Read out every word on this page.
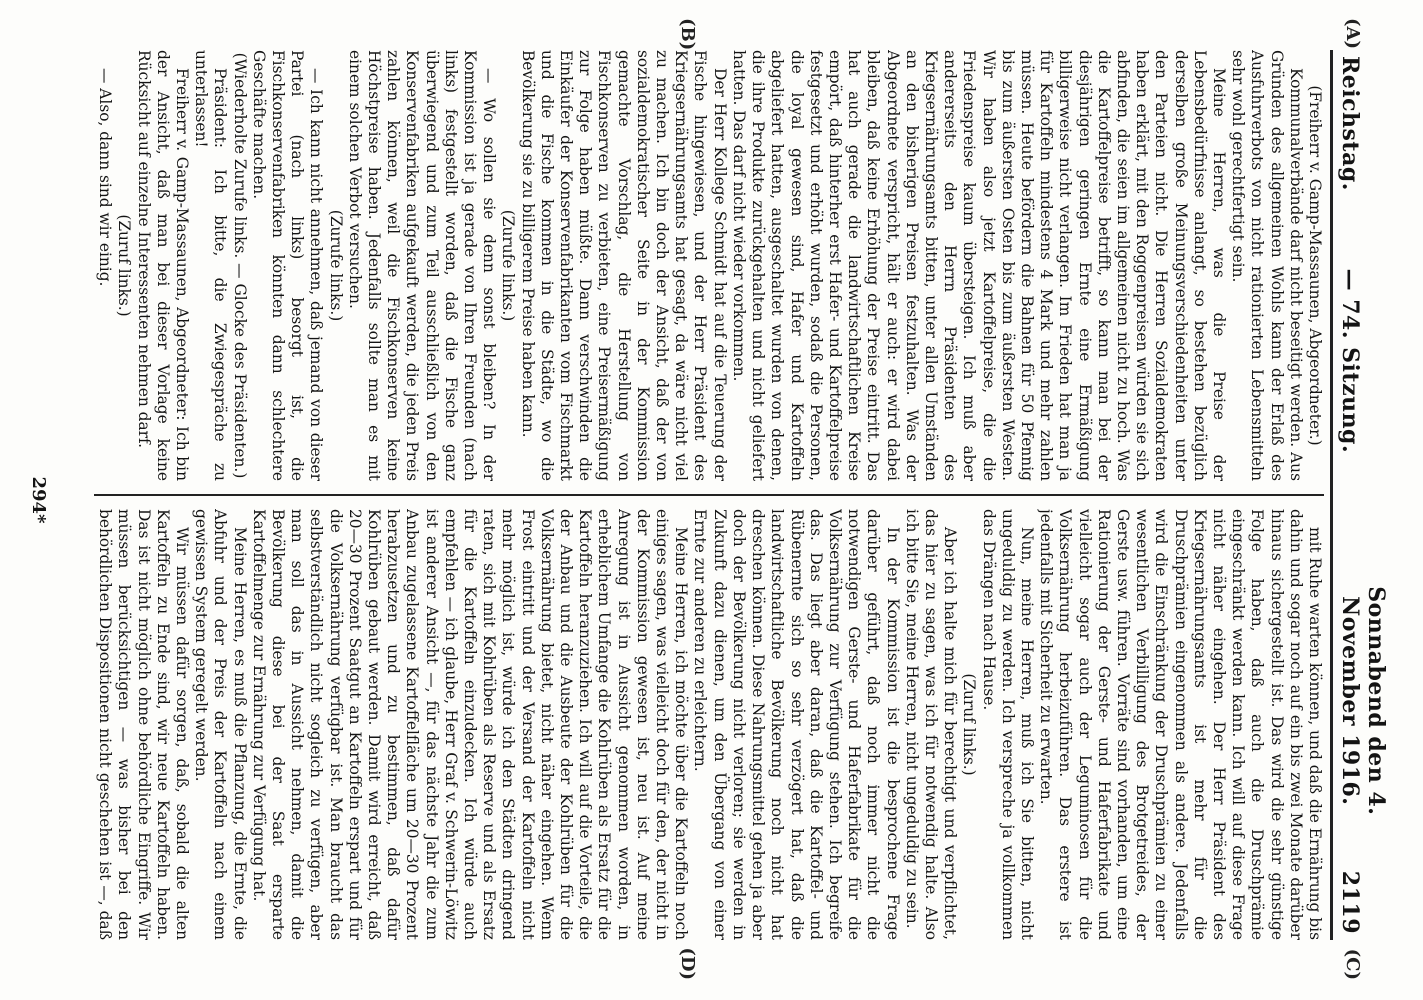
Reichstag.
— 74. Sitzung.
Sonnabend den 4. November 1916.
2119
(A)
(B)
(C)
(D)

(Freiherr v. Gamp-Massaunen, Abgeordneter.)

Kommunalverbände darf nicht beseitigt werden. Aus Gründen des allgemeinen Wohls kann der Erlaß des Ausfuhrverbots von nicht rationierten Lebensmitteln sehr wohl gerechtfertigt sein.

Meine Herren, was die Preise der Lebensbedürfnisse anlangt, so bestehen bezüglich derselben große Meinungsverschiedenheiten unter den Parteien nicht. Die Herren Sozialdemokraten haben erklärt, mit den Roggenpreisen würden sie sich abfinden, die seien im allgemeinen nicht zu hoch. Was die Kartoffelpreise betrifft, so kann man bei der diesjährigen geringen Ernte eine Ermäßigung billigerweise nicht verlangen. Im Frieden hat man ja für Kartoffeln mindestens 4 Mark und mehr zahlen müssen. Heute befördern die Bahnen für 50 Pfennig bis zum äußersten Osten bis zum äußersten Westen. Wir haben also jetzt Kartoffelpreise, die die Friedenspreise kaum übersteigen. Ich muß aber andererseits den Herrn Präsidenten des Kriegsernährungsamts bitten, unter allen Umständen an den bisherigen Preisen festzuhalten. Was der Abgeordnete verspricht, hält er auch: er wird dabei bleiben, daß keine Erhöhung der Preise eintritt. Das hat auch gerade die landwirtschaftlichen Kreise empört, daß hinterher erst Hafer- und Kartoffelpreise festgesetzt und erhöht wurden, sodaß die Personen, die loyal gewesen sind, Hafer und Kartoffeln abgeliefert hatten, ausgeschaltet wurden von denen, die ihre Produkte zurückgehalten und nicht geliefert hatten. Das darf nicht wieder vorkommen.

Der Herr Kollege Schmidt hat auf die Teuerung der Fische hingewiesen, und der Herr Präsident des Kriegsernährungsamts hat gesagt, da wäre nicht viel zu machen. Ich bin doch der Ansicht, daß der von sozialdemokratischer Seite in der Kommission gemachte Vorschlag, die Herstellung von Fischkonserven zu verbieten, eine Preisermäßigung zur Folge haben müßte. Dann verschwinden die Einkäufer der Konservenfabrikanten vom Fischmarkt und die Fische kommen in die Städte, wo die Bevölkerung sie zu billigerem Preise haben kann.

(Zurufe links.)

— Wo sollen sie denn sonst bleiben? In der Kommission ist ja gerade von Ihren Freunden (nach links) festgestellt worden, daß die Fische ganz überwiegend und zum Teil ausschließlich von den Konservenfabriken aufgekauft werden, die jeden Preis zahlen können, weil die Fischkonserven keine Höchstpreise haben. Jedenfalls sollte man es mit einem solchen Verbot versuchen.

(Zurufe links.)

— Ich kann nicht annehmen, daß jemand von dieser Partei (nach links) besorgt ist, die Fischkonservenfabriken könnten dann schlechtere Geschäfte machen.

(Wiederholte Zurufe links. — Glocke des Präsidenten.)

Präsident: Ich bitte, die Zwiegespräche zu unterlassen!

Freiherr v. Gamp-Massaunen, Abgeordneter: Ich bin der Ansicht, daß man bei dieser Vorlage keine Rücksicht auf einzelne Interessenten nehmen darf.

(Zuruf links.)

— Also, dann sind wir einig.

mit Ruhe warten können, und daß die Ernährung bis dahin und sogar noch auf ein bis zwei Monate darüber hinaus sichergestellt ist. Das wird die sehr günstige Folge haben, daß auch die Druschprämie eingeschränkt werden kann. Ich will auf diese Frage nicht näher eingehen. Der Herr Präsident des Kriegsernährungsamts ist mehr für die Druschprämien eingenommen als andere. Jedenfalls wird die Einschränkung der Druschprämien zu einer wesentlichen Verbilligung des Brotgetreides, der Gerste usw. führen. Vorräte sind vorhanden, um eine Rationierung der Gerste- und Haferfabrikate und vielleicht sogar auch der Leguminosen für die Volksernährung herbeizuführen. Das erstere ist jedenfalls mit Sicherheit zu erwarten.

Nun, meine Herren, muß ich Sie bitten, nicht ungeduldig zu werden. Ich verspreche ja vollkommen das Drängen nach Hause.

(Zuruf links.)

Aber ich halte mich für berechtigt und verpflichtet, das hier zu sagen, was ich für notwendig halte. Also ich bitte Sie, meine Herren, nicht ungeduldig zu sein.

In der Kommission ist die besprochene Frage darüber geführt, daß noch immer nicht die notwendigen Gerste- und Haferfabrikate für die Volksernährung zur Verfügung stehen. Ich begreife das. Das liegt aber daran, daß die Kartoffel- und Rübenernte sich so sehr verzögert hat, daß die landwirtschaftliche Bevölkerung noch nicht hat dreschen können. Diese Nahrungsmittel gehen ja aber doch der Bevölkerung nicht verloren; sie werden in Zukunft dazu dienen, um den Übergang von einer Ernte zur anderen zu erleichtern.

Meine Herren, ich möchte über die Kartoffeln noch einiges sagen, was vielleicht doch für den, der nicht in der Kommission gewesen ist, neu ist. Auf meine Anregung ist in Aussicht genommen worden, in erheblichem Umfange die Kohlrüben als Ersatz für die Kartoffeln heranzuziehen. Ich will auf die Vorteile, die der Anbau und die Ausbeute der Kohlrüben für die Volksernährung bietet, nicht näher eingehen. Wenn Frost eintritt und der Versand der Kartoffeln nicht mehr möglich ist, würde ich den Städten dringend raten, sich mit Kohlrüben als Reserve und als Ersatz für die Kartoffeln einzudecken. Ich würde auch empfehlen — ich glaube, Herr Graf v. Schwerin-Löwitz ist anderer Ansicht —, für das nächste Jahr die zum Anbau zugelassene Kartoffelfläche um 20—30 Prozent herabzusetzen und zu bestimmen, daß dafür Kohlrüben gebaut werden. Damit wird erreicht, daß 20—30 Prozent Saatgut an Kartoffeln erspart und für die Volksernährung verfügbar ist. Man braucht das selbstverständlich nicht sogleich zu verfügen, aber man soll das in Aussicht nehmen, damit die Bevölkerung diese bei der Saat ersparte Kartoffelmenge zur Ernährung zur Verfügung hat.

Meine Herren, es muß die Pflanzung, die Ernte, die Abfuhr und der Preis der Kartoffeln nach einem gewissen System geregelt werden.

Wir müssen dafür sorgen, daß, sobald die alten Kartoffeln zu Ende sind, wir neue Kartoffeln haben. Das ist nicht möglich ohne behördliche Eingriffe. Wir müssen berücksichtigen — was bisher bei den behördlichen Dispositionen nicht geschehen ist —, daß

294*
